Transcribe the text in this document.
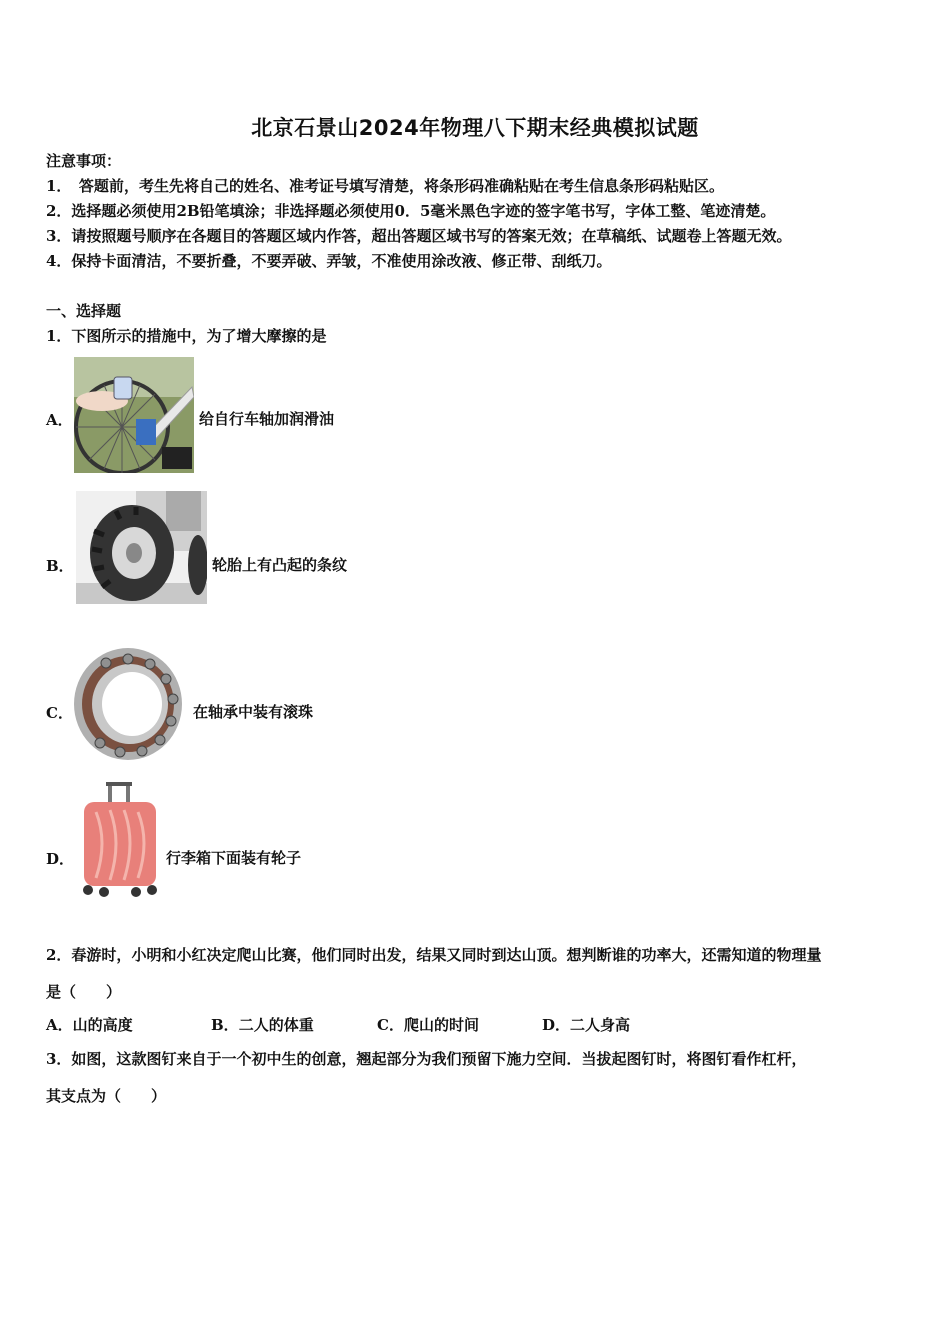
北京石景山2024年物理八下期末经典模拟试题
注意事项：
1．　答题前，考生先将自己的姓名、准考证号填写清楚，将条形码准确粘贴在考生信息条形码粘贴区。
2．选择题必须使用2B铅笔填涂；非选择题必须使用0．5毫米黑色字迹的签字笔书写，字体工整、笔迹清楚。
3．请按照题号顺序在各题目的答题区域内作答，超出答题区域书写的答案无效；在草稿纸、试题卷上答题无效。
4．保持卡面清洁，不要折叠，不要弄破、弄皱，不准使用涂改液、修正带、刮纸刀。
一、选择题
1．下图所示的措施中，为了增大摩擦的是
A．	给自行车轴加润滑油
B．	轮胎上有凸起的条纹
C．	在轴承中装有滚珠
D．	行李箱下面装有轮子
2．春游时，小明和小红决定爬山比赛，他们同时出发，结果又同时到达山顶。想判断谁的功率大，还需知道的物理量
是（　　）
A．山的高度	B．二人的体重	C．爬山的时间	D．二人身高
3．如图，这款图钉来自于一个初中生的创意，翘起部分为我们预留下施力空间．当拔起图钉时，将图钉看作杠杆，
其支点为（　　）
